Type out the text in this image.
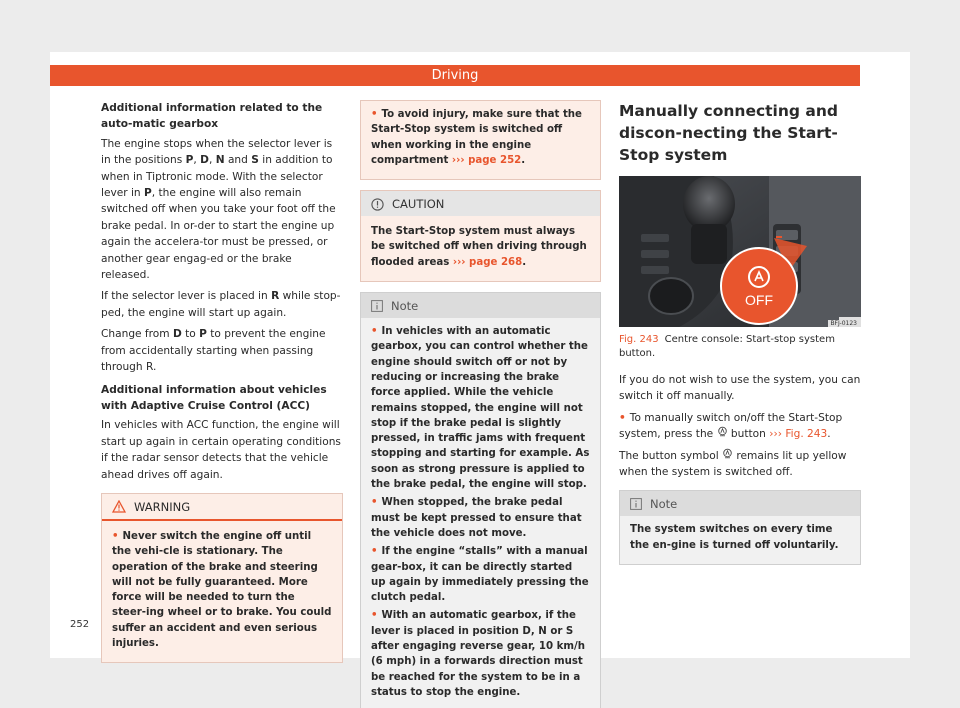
Driving
Additional information related to the auto-matic gearbox

The engine stops when the selector lever is in the positions P, D, N and S in addition to when in Tiptronic mode. With the selector lever in P, the engine will also remain switched off when you take your foot off the brake pedal. In or-der to start the engine up again the accelera-tor must be pressed, or another gear engag-ed or the brake released.

If the selector lever is placed in R while stop-ped, the engine will start up again.

Change from D to P to prevent the engine from accidentally starting when passing through R.

Additional information about vehicles with Adaptive Cruise Control (ACC)

In vehicles with ACC function, the engine will start up again in certain operating conditions if the radar sensor detects that the vehicle ahead drives off again.

WARNING

• Never switch the engine off until the vehi-cle is stationary. The operation of the brake and steering will not be fully guaranteed. More force will be needed to turn the steer-ing wheel or to brake. You could suffer an accident and even serious injuries.

• To avoid injury, make sure that the Start-Stop system is switched off when working in the engine compartment ››› page 252.

CAUTION

The Start-Stop system must always be switched off when driving through flooded areas ››› page 268.

Note

• In vehicles with an automatic gearbox, you can control whether the engine should switch off or not by reducing or increasing the brake force applied. While the vehicle remains stopped, the engine will not stop if the brake pedal is slightly pressed, in traffic jams with frequent stopping and starting for example. As soon as strong pressure is applied to the brake pedal, the engine will stop.

• When stopped, the brake pedal must be kept pressed to ensure that the vehicle does not move.

• If the engine “stalls” with a manual gear-box, it can be directly started up again by immediately pressing the clutch pedal.

• With an automatic gearbox, if the lever is placed in position D, N or S after engaging reverse gear, 10 km/h (6 mph) in a forwards direction must be reached for the system to be in a status to stop the engine.

Manually connecting and discon-necting the Start-Stop system
OFF
BFJ-0123
Fig. 243 Centre console: Start-stop system button.

If you do not wish to use the system, you can switch it off manually.

• To manually switch on/off the Start-Stop system, press the
button ››› Fig. 243.

The button symbol
remains lit up yellow when the system is switched off.

Note

The system switches on every time the en-gine is turned off voluntarily.

252
